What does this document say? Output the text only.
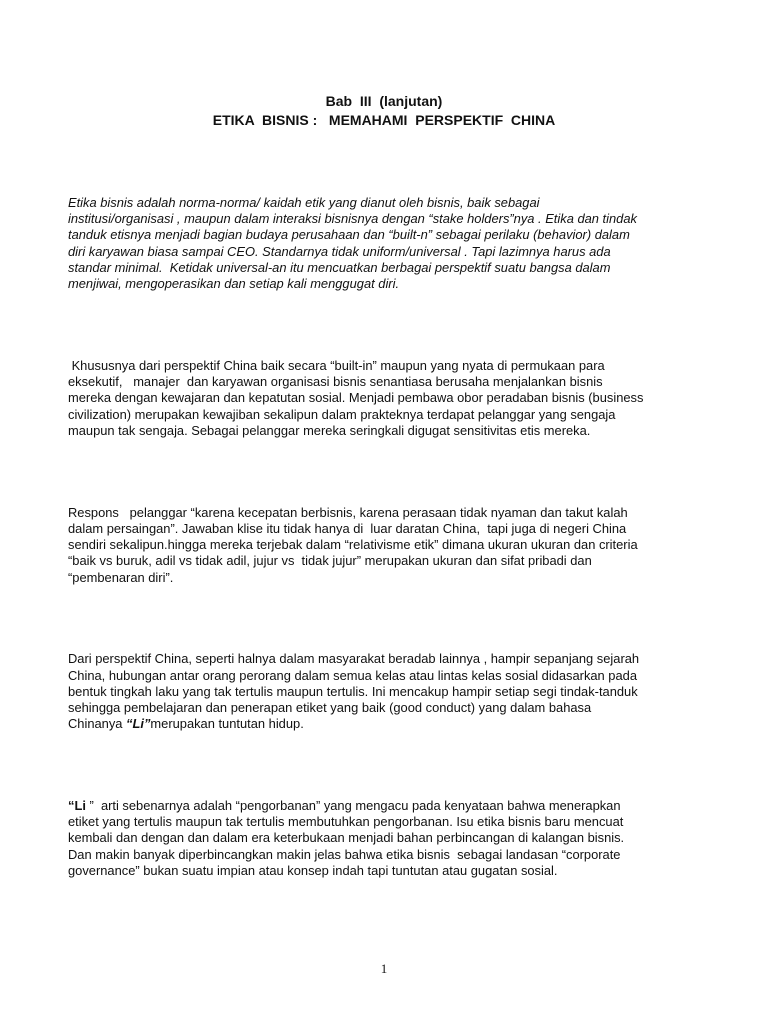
Bab  III  (lanjutan)
ETIKA  BISNIS :   MEMAHAMI  PERSPEKTIF  CHINA

Etika bisnis adalah norma-norma/ kaidah etik yang dianut oleh bisnis, baik sebagai
institusi/organisasi , maupun dalam interaksi bisnisnya dengan “stake holders”nya . Etika dan tindak
tanduk etisnya menjadi bagian budaya perusahaan dan “built-n” sebagai perilaku (behavior) dalam
diri karyawan biasa sampai CEO. Standarnya tidak uniform/universal . Tapi lazimnya harus ada
standar minimal.  Ketidak universal-an itu mencuatkan berbagai perspektif suatu bangsa dalam
menjiwai, mengoperasikan dan setiap kali menggugat diri.

Khususnya dari perspektif China baik secara “built-in” maupun yang nyata di permukaan para
eksekutif,   manajer  dan karyawan organisasi bisnis senantiasa berusaha menjalankan bisnis
mereka dengan kewajaran dan kepatutan sosial. Menjadi pembawa obor peradaban bisnis (business
civilization) merupakan kewajiban sekalipun dalam prakteknya terdapat pelanggar yang sengaja
maupun tak sengaja. Sebagai pelanggar mereka seringkali digugat sensitivitas etis mereka.

Respons   pelanggar “karena kecepatan berbisnis, karena perasaan tidak nyaman dan takut kalah
dalam persaingan”. Jawaban klise itu tidak hanya di  luar daratan China,  tapi juga di negeri China
sendiri sekalipun.hingga mereka terjebak dalam “relativisme etik” dimana ukuran ukuran dan criteria
“baik vs buruk, adil vs tidak adil, jujur vs  tidak jujur” merupakan ukuran dan sifat pribadi dan
“pembenaran diri”.

Dari perspektif China, seperti halnya dalam masyarakat beradab lainnya , hampir sepanjang sejarah
China, hubungan antar orang perorang dalam semua kelas atau lintas kelas sosial didasarkan pada
bentuk tingkah laku yang tak tertulis maupun tertulis. Ini mencakup hampir setiap segi tindak-tanduk
sehingga pembelajaran dan penerapan etiket yang baik (good conduct) yang dalam bahasa
Chinanya “Li”merupakan tuntutan hidup.

“Li ”  arti sebenarnya adalah “pengorbanan” yang mengacu pada kenyataan bahwa menerapkan
etiket yang tertulis maupun tak tertulis membutuhkan pengorbanan. Isu etika bisnis baru mencuat
kembali dan dengan dan dalam era keterbukaan menjadi bahan perbincangan di kalangan bisnis.
Dan makin banyak diperbincangkan makin jelas bahwa etika bisnis  sebagai landasan “corporate
governance” bukan suatu impian atau konsep indah tapi tuntutan atau gugatan sosial.

1
